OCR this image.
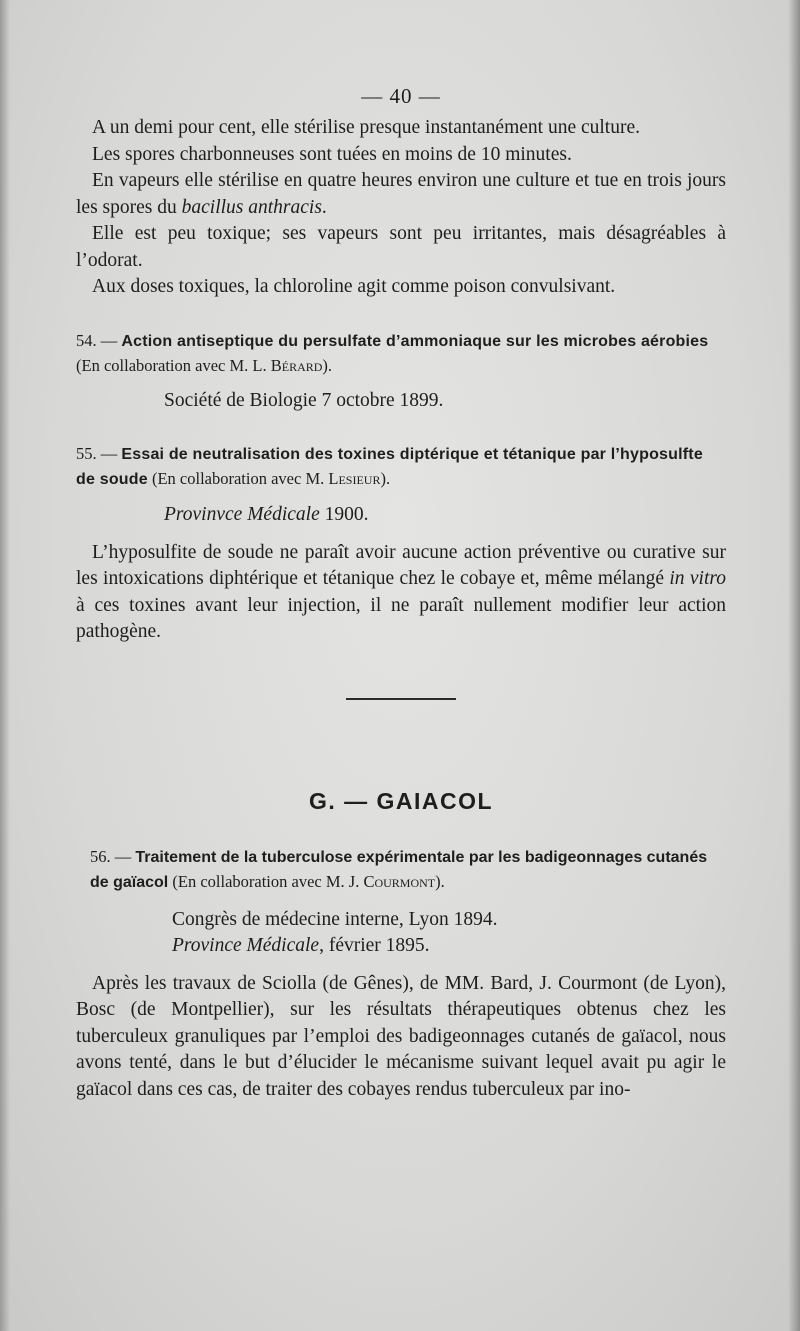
— 40 —

A un demi pour cent, elle stérilise presque instantanément une culture.

Les spores charbonneuses sont tuées en moins de 10 minutes.

En vapeurs elle stérilise en quatre heures environ une culture et tue en trois jours les spores du bacillus anthracis.

Elle est peu toxique; ses vapeurs sont peu irritantes, mais désagréables à l’odorat.

Aux doses toxiques, la chloroline agit comme poison convulsivant.

54. — Action antiseptique du persulfate d’ammoniaque sur les microbes aérobies (En collaboration avec M. L. Bérard).
Société de Biologie 7 octobre 1899.
55. — Essai de neutralisation des toxines diptérique et tétanique par l’hyposulfte de soude (En collaboration avec M. Lesieur).
Provinvce Médicale 1900.

L’hyposulfite de soude ne paraît avoir aucune action préventive ou curative sur les intoxications diphtérique et tétanique chez le cobaye et, même mélangé in vitro à ces toxines avant leur injection, il ne paraît nullement modifier leur action pathogène.

G. — GAIACOL
56. — Traitement de la tuberculose expérimentale par les badigeonnages cutanés de gaïacol (En collaboration avec M. J. Courmont).
Congrès de médecine interne, Lyon 1894.
Province Médicale, février 1895.

Après les travaux de Sciolla (de Gênes), de MM. Bard, J. Courmont (de Lyon), Bosc (de Montpellier), sur les résultats thérapeutiques obtenus chez les tuberculeux granuliques par l’emploi des badigeonnages cutanés de gaïacol, nous avons tenté, dans le but d’élucider le mécanisme suivant lequel avait pu agir le gaïacol dans ces cas, de traiter des cobayes rendus tuberculeux par ino-
